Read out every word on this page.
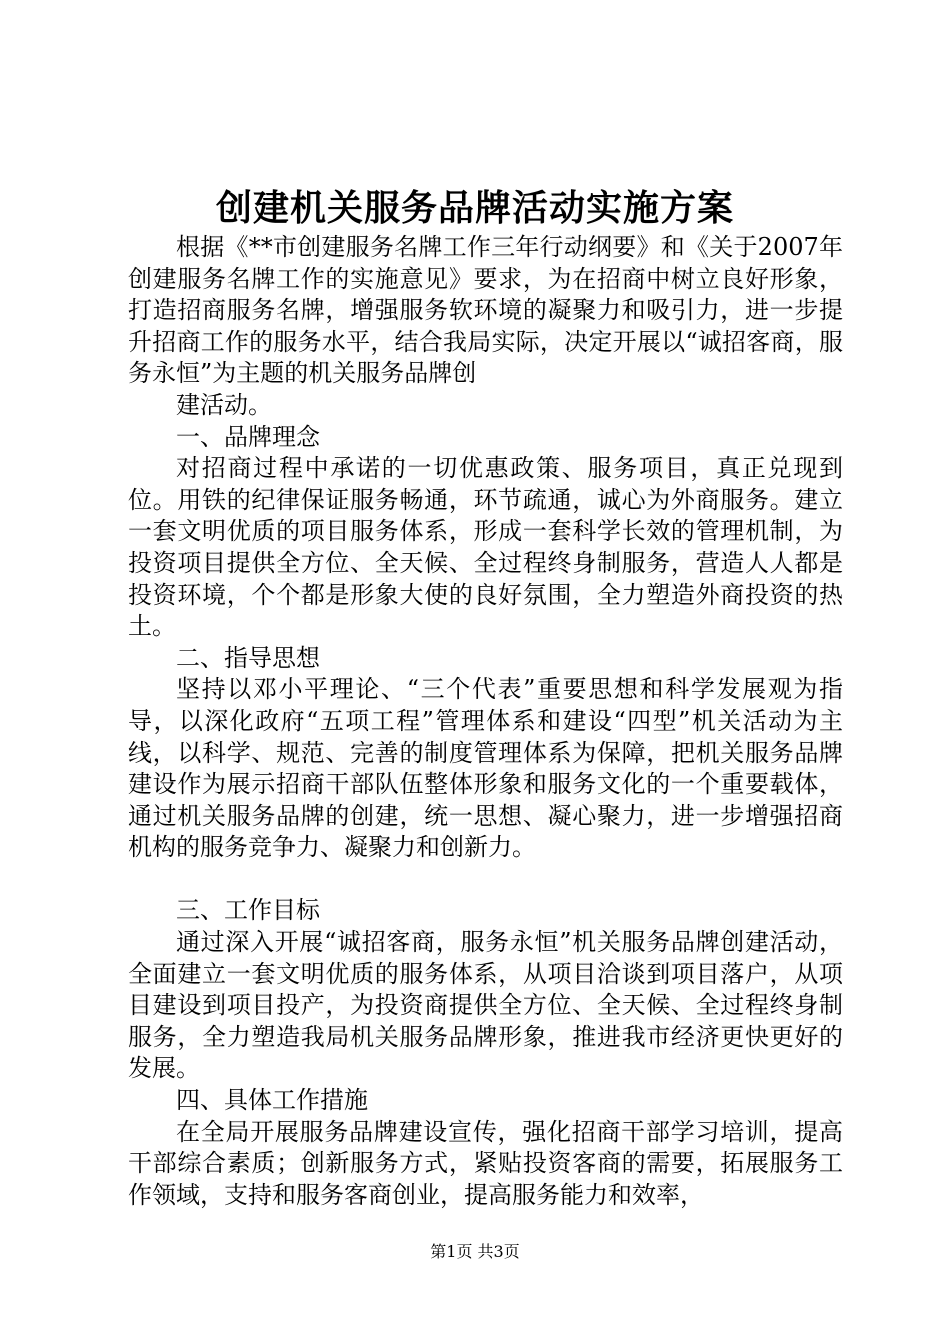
创建机关服务品牌活动实施方案

根据《**市创建服务名牌工作三年行动纲要》和《关于2007年创建服务名牌工作的实施意见》要求，为在招商中树立良好形象，打造招商服务名牌，增强服务软环境的凝聚力和吸引力，进一步提升招商工作的服务水平，结合我局实际，决定开展以“诚招客商，服务永恒”为主题的机关服务品牌创

建活动。

一、品牌理念

对招商过程中承诺的一切优惠政策、服务项目，真正兑现到位。用铁的纪律保证服务畅通，环节疏通，诚心为外商服务。建立一套文明优质的项目服务体系，形成一套科学长效的管理机制，为投资项目提供全方位、全天候、全过程终身制服务，营造人人都是投资环境，个个都是形象大使的良好氛围，全力塑造外商投资的热土。

二、指导思想

坚持以邓小平理论、“三个代表”重要思想和科学发展观为指导，以深化政府“五项工程”管理体系和建设“四型”机关活动为主线，以科学、规范、完善的制度管理体系为保障，把机关服务品牌建设作为展示招商干部队伍整体形象和服务文化的一个重要载体，通过机关服务品牌的创建，统一思想、凝心聚力，进一步增强招商机构的服务竞争力、凝聚力和创新力。

三、工作目标

通过深入开展“诚招客商，服务永恒”机关服务品牌创建活动，全面建立一套文明优质的服务体系，从项目洽谈到项目落户，从项目建设到项目投产，为投资商提供全方位、全天候、全过程终身制服务，全力塑造我局机关服务品牌形象，推进我市经济更快更好的发展。

四、具体工作措施

在全局开展服务品牌建设宣传，强化招商干部学习培训，提高干部综合素质；创新服务方式，紧贴投资客商的需要，拓展服务工作领域，支持和服务客商创业，提高服务能力和效率，

第1页 共3页
